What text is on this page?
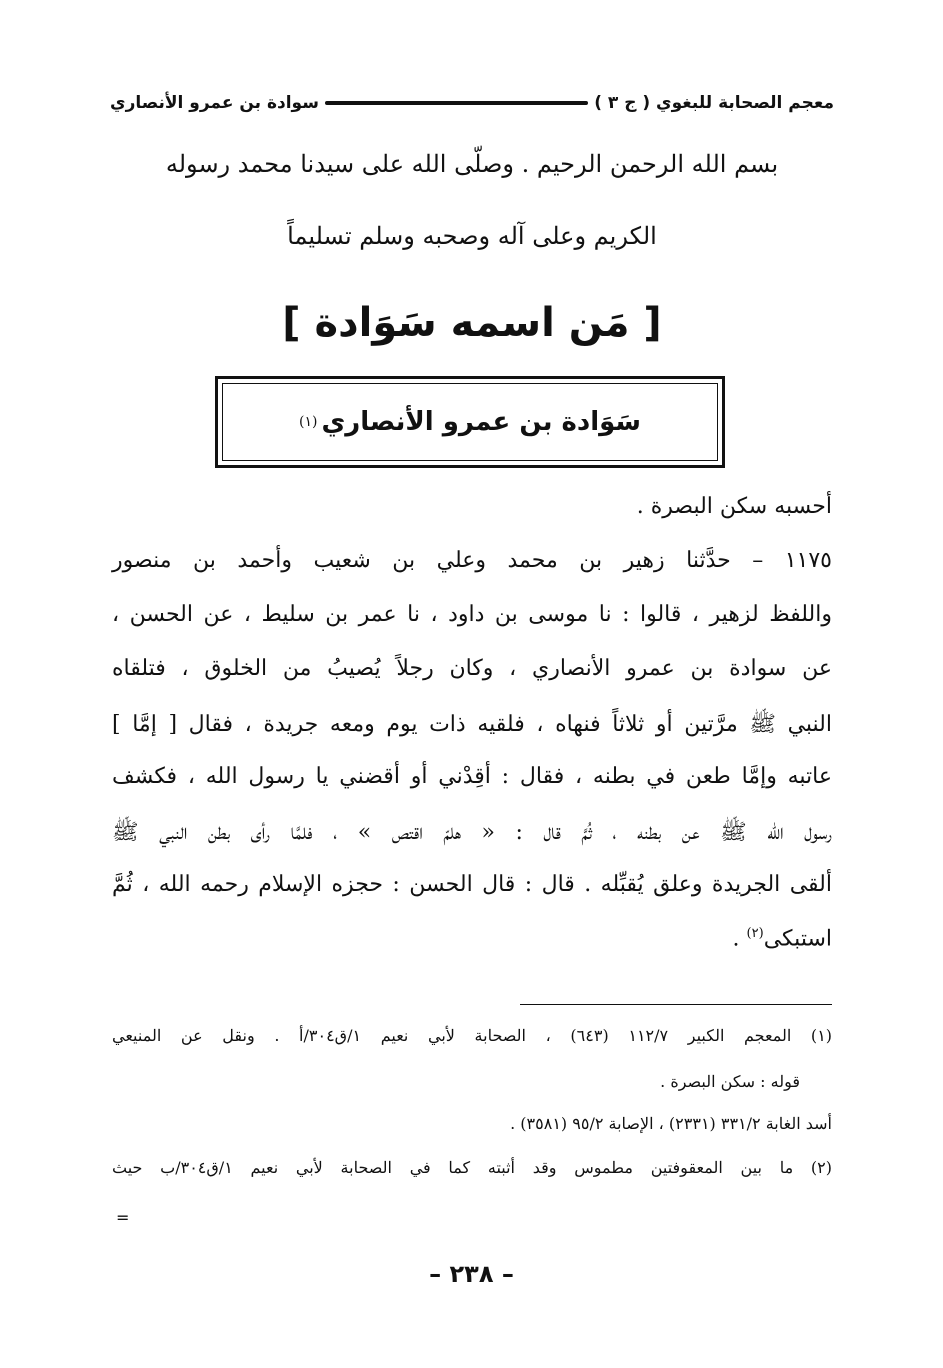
معجم الصحابة للبغوي ( ج ٣ )
سوادة بن عمرو الأنصاري
بسم الله الرحمن الرحيم . وصلّى الله على سيدنا محمد رسوله
الكريم وعلى آله وصحبه وسلم تسليماً
[ مَن اسمه سَوَادة ]
سَوَادة بن عمرو الأنصاري
(١)
أحسبه سكن البصرة .
١١٧٥ – حدَّثنا زهير بن محمد وعلي بن شعيب وأحمد بن منصور
واللفظ لزهير ، قالوا : نا موسى بن داود ، نا عمر بن سليط ، عن الحسن ،
عن سوادة بن عمرو الأنصاري ، وكان رجلاً يُصيبُ من الخلوق ، فتلقاه
النبي ﷺ مرَّتين أو ثلاثاً فنهاه ، فلقيه ذات يوم ومعه جريدة ، فقال [ إمَّا ]
عاتبه وإمَّا طعن في بطنه ، فقال : أقِدْني أو أقضني يا رسول الله ، فكشف
رسول الله ﷺ عن بطنه ، ثُمَّ قال : « هلمّ اقتص » ، فلمَّا رأى بطن النبي ﷺ
ألقى الجريدة وعلق يُقبِّله . قال : قال الحسن : حجزه الإسلام رحمه الله ، ثُمَّ
استبكى$^{(٢)}$ .
(١) المعجم الكبير ١١٢/٧ (٦٤٣) ، الصحابة لأبي نعيم ١/ق٣٠٤/أ . ونقل عن المنيعي
قوله : سكن البصرة .
أسد الغابة ٣٣١/٢ (٢٣٣١) ، الإصابة ٩٥/٢ (٣٥٨١) .
(٢) ما بين المعقوفتين مطموس وقد أثبته كما في الصحابة لأبي نعيم ١/ق٣٠٤/ب حيث
=
– ٢٣٨ –
